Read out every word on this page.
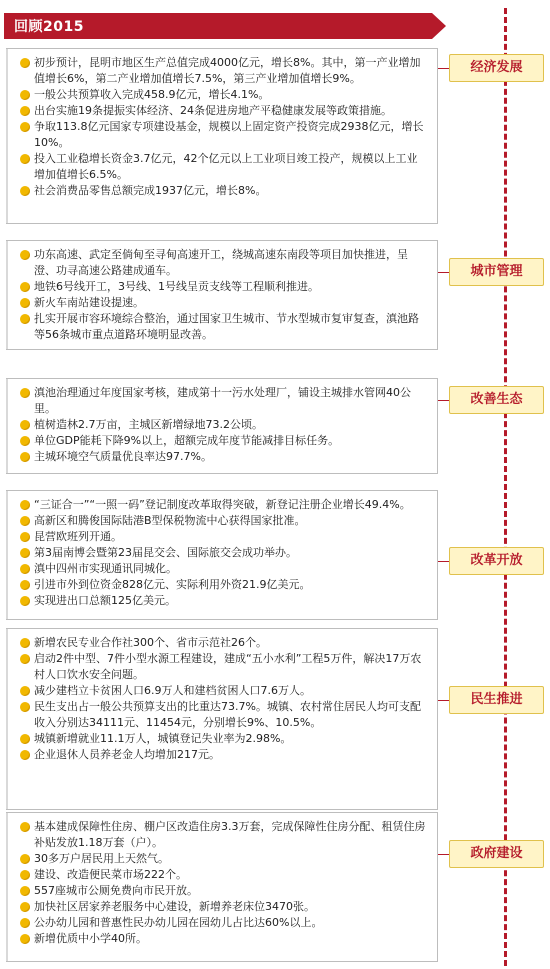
回顾2015

初步预计，昆明市地区生产总值完成4000亿元，增长8%。其中，第一产业增加值增长6%，第二产业增加值增长7.5%，第三产业增加值增长9%。

一般公共预算收入完成458.9亿元，增长4.1%。

出台实施19条提振实体经济、24条促进房地产平稳健康发展等政策措施。

争取113.8亿元国家专项建设基金，规模以上固定资产投资完成2938亿元，增长10%。

投入工业稳增长资金3.7亿元，42个亿元以上工业项目竣工投产，规模以上工业增加值增长6.5%。

社会消费品零售总额完成1937亿元，增长8%。

经济发展

功东高速、武定至倘甸至寻甸高速开工，绕城高速东南段等项目加快推进，呈澄、功寻高速公路建成通车。

地铁6号线开工，3号线、1号线呈贡支线等工程顺利推进。

新火车南站建设提速。

扎实开展市容环境综合整治，通过国家卫生城市、节水型城市复审复查，滇池路等56条城市重点道路环境明显改善。

城市管理

滇池治理通过年度国家考核，建成第十一污水处理厂，铺设主城排水管网40公里。

植树造林2.7万亩，主城区新增绿地73.2公顷。

单位GDP能耗下降9%以上，超额完成年度节能减排目标任务。

主城环境空气质量优良率达97.7%。

改善生态

“三证合一”“一照一码”登记制度改革取得突破，新登记注册企业增长49.4%。

高新区和腾俊国际陆港B型保税物流中心获得国家批准。

昆营欧班列开通。

第3届南博会暨第23届昆交会、国际旅交会成功举办。

滇中四州市实现通讯同城化。

引进市外到位资金828亿元、实际利用外资21.9亿美元。

实现进出口总额125亿美元。

改革开放

新增农民专业合作社300个、省市示范社26个。

启动2件中型、7件小型水源工程建设，建成“五小水利”工程5万件，解决17万农村人口饮水安全问题。

减少建档立卡贫困人口6.9万人和建档贫困人口7.6万人。

民生支出占一般公共预算支出的比重达73.7%。城镇、农村常住居民人均可支配收入分别达34111元、11454元，分别增长9%、10.5%。

城镇新增就业11.1万人，城镇登记失业率为2.98%。

企业退休人员养老金人均增加217元。

民生推进

基本建成保障性住房、棚户区改造住房3.3万套，完成保障性住房分配、租赁住房补贴发放1.18万套（户）。

30多万户居民用上天然气。

建设、改造便民菜市场222个。

557座城市公厕免费向市民开放。

加快社区居家养老服务中心建设，新增养老床位3470张。

公办幼儿园和普惠性民办幼儿园在园幼儿占比达60%以上。

新增优质中小学40所。

政府建设
